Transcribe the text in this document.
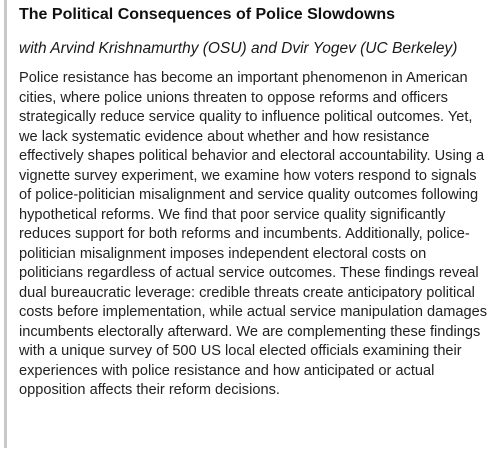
The Political Consequences of Police Slowdowns
with Arvind Krishnamurthy (OSU) and Dvir Yogev (UC Berkeley)

Police resistance has become an important phenomenon in American cities, where police unions threaten to oppose reforms and officers strategically reduce service quality to influence political outcomes. Yet, we lack systematic evidence about whether and how resistance effectively shapes political behavior and electoral accountability. Using a vignette survey experiment, we examine how voters respond to signals of police-politician misalignment and service quality outcomes following hypothetical reforms. We find that poor service quality significantly reduces support for both reforms and incumbents. Additionally, police-politician misalignment imposes independent electoral costs on politicians regardless of actual service outcomes. These findings reveal dual bureaucratic leverage: credible threats create anticipatory political costs before implementation, while actual service manipulation damages incumbents electorally afterward. We are complementing these findings with a unique survey of 500 US local elected officials examining their experiences with police resistance and how anticipated or actual opposition affects their reform decisions.
